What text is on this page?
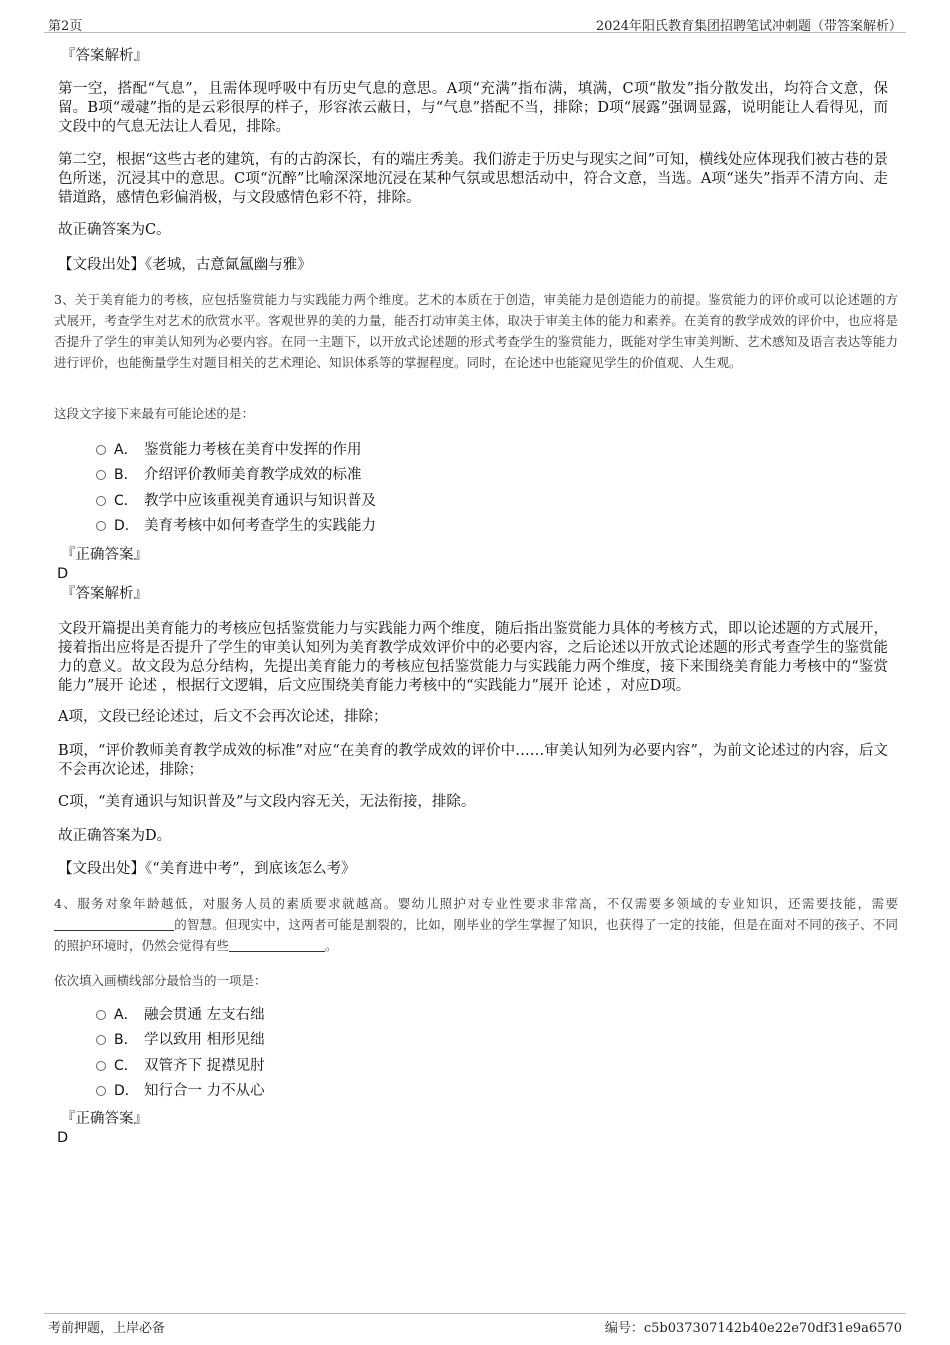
第2页	2024年阳氏教育集团招聘笔试冲刺题（带答案解析）
『答案解析』
第一空，搭配“气息”，且需体现呼吸中有历史气息的意思。A项“充满”指布满，填满，C项“散发”指分散发出，均符合文意，保留。B项“叆叇”指的是云彩很厚的样子，形容浓云蔽日，与“气息”搭配不当，排除；D项“展露”强调显露，说明能让人看得见，而文段中的气息无法让人看见，排除。
第二空，根据“这些古老的建筑，有的古韵深长，有的端庄秀美。我们游走于历史与现实之间”可知，横线处应体现我们被古巷的景色所迷，沉浸其中的意思。C项“沉醉”比喻深深地沉浸在某种气氛或思想活动中，符合文意，当选。A项“迷失”指弄不清方向、走错道路，感情色彩偏消极，与文段感情色彩不符，排除。
故正确答案为C。
【文段出处】《老城，古意氤氲幽与雅》
3、关于美育能力的考核，应包括鉴赏能力与实践能力两个维度。艺术的本质在于创造，审美能力是创造能力的前提。鉴赏能力的评价或可以论述题的方式展开，考查学生对艺术的欣赏水平。客观世界的美的力量，能否打动审美主体，取决于审美主体的能力和素养。在美育的教学成效的评价中，也应将是否提升了学生的审美认知列为必要内容。在同一主题下，以开放式论述题的形式考查学生的鉴赏能力，既能对学生审美判断、艺术感知及语言表达等能力进行评价，也能衡量学生对题目相关的艺术理论、知识体系等的掌握程度。同时，在论述中也能窥见学生的价值观、人生观。
这段文字接下来最有可能论述的是：
A． 鉴赏能力考核在美育中发挥的作用
B． 介绍评价教师美育教学成效的标准
C． 教学中应该重视美育通识与知识普及
D． 美育考核中如何考查学生的实践能力
『正确答案』
D
『答案解析』
文段开篇提出美育能力的考核应包括鉴赏能力与实践能力两个维度，随后指出鉴赏能力具体的考核方式，即以论述题的方式展开，接着指出应将是否提升了学生的审美认知列为美育教学成效评价中的必要内容，之后论述以开放式论述题的形式考查学生的鉴赏能力的意义。故文段为总分结构，先提出美育能力的考核应包括鉴赏能力与实践能力两个维度，接下来围绕美育能力考核中的“鉴赏能力”展开 论述 ，根据行文逻辑，后文应围绕美育能力考核中的“实践能力”展开 论述 ，对应D项。
A项，文段已经论述过，后文不会再次论述，排除；
B项，“评价教师美育教学成效的标准”对应“在美育的教学成效的评价中……审美认知列为必要内容”，为前文论述过的内容，后文不会再次论述，排除；
C项，“美育通识与知识普及”与文段内容无关，无法衔接，排除。
故正确答案为D。
【文段出处】《“美育进中考”，到底该怎么考》
4、服务对象年龄越低，对服务人员的素质要求就越高。婴幼儿照护对专业性要求非常高，不仅需要多领域的专业知识，还需要技能，需要的智慧。但现实中，这两者可能是割裂的，比如，刚毕业的学生掌握了知识，也获得了一定的技能，但是在面对不同的孩子、不同的照护环境时，仍然会觉得有些	。
依次填入画横线部分最恰当的一项是：
A． 融会贯通 左支右绌
B． 学以致用 相形见绌
C． 双管齐下 捉襟见肘
D． 知行合一 力不从心
『正确答案』
D
考前押题，上岸必备	编号：c5b037307142b40e22e70df31e9a6570
